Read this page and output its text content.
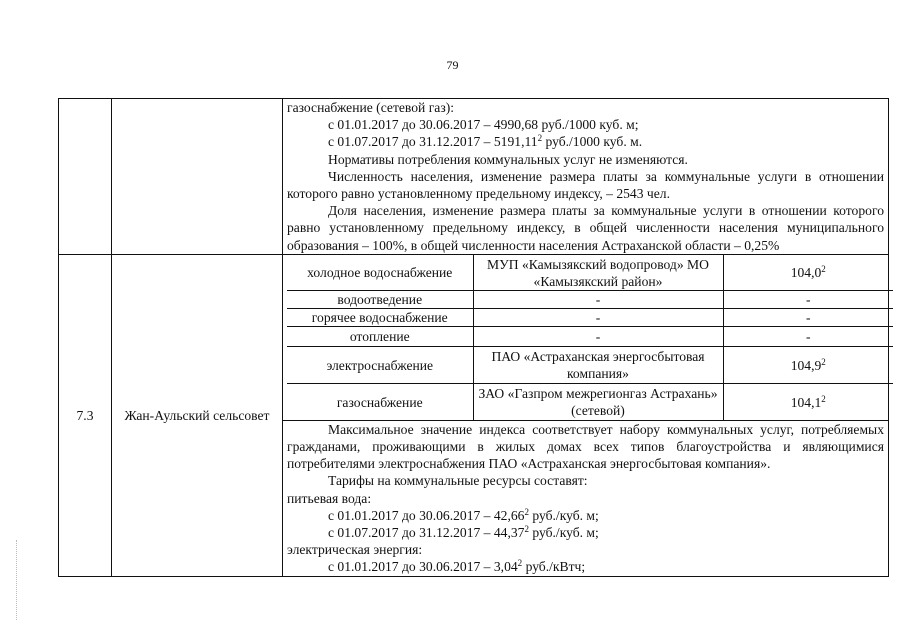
79

газоснабжение (сетевой газ):

с 01.01.2017 до 30.06.2017 – 4990,68 руб./1000 куб. м;

с 01.07.2017 до 31.12.2017 – 5191,11$^2$ руб./1000 куб. м.

Нормативы потребления коммунальных услуг не изменяются.

Численность населения, изменение размера платы за коммунальные услуги в отношении которого равно установленному предельному индексу, – 2543 чел.

Доля населения, изменение размера платы за коммунальные услуги в отношении которого равно установленному предельному индексу, в общей численности населения муниципального образования – 100%, в общей численности населения Астраханской области – 0,25%

7.3	Жан-Аульский сельсовет	
холодное водоснабжение	МУП «Камызякский водопровод» МО «Камызякский район»	104,0$^2$
водоотведение	-	-
горячее водоснабжение	-	-
отопление	-	-
электроснабжение	ПАО «Астраханская энергосбытовая компания»	104,9$^2$
газоснабжение	ЗАО «Газпром межрегионгаз Астрахань» (сетевой)	104,1$^2$

Максимальное значение индекса соответствует набору коммунальных услуг, потребляемых гражданами, проживающими в жилых домах всех типов благоустройства и являющимися потребителями электроснабжения ПАО «Астраханская энергосбытовая компания».

Тарифы на коммунальные ресурсы составят:

питьевая вода:

с 01.01.2017 до 30.06.2017 – 42,66$^2$ руб./куб. м;

с 01.07.2017 до 31.12.2017 – 44,37$^2$ руб./куб. м;

электрическая энергия:

с 01.01.2017 до 30.06.2017 – 3,04$^2$ руб./кВтч;
